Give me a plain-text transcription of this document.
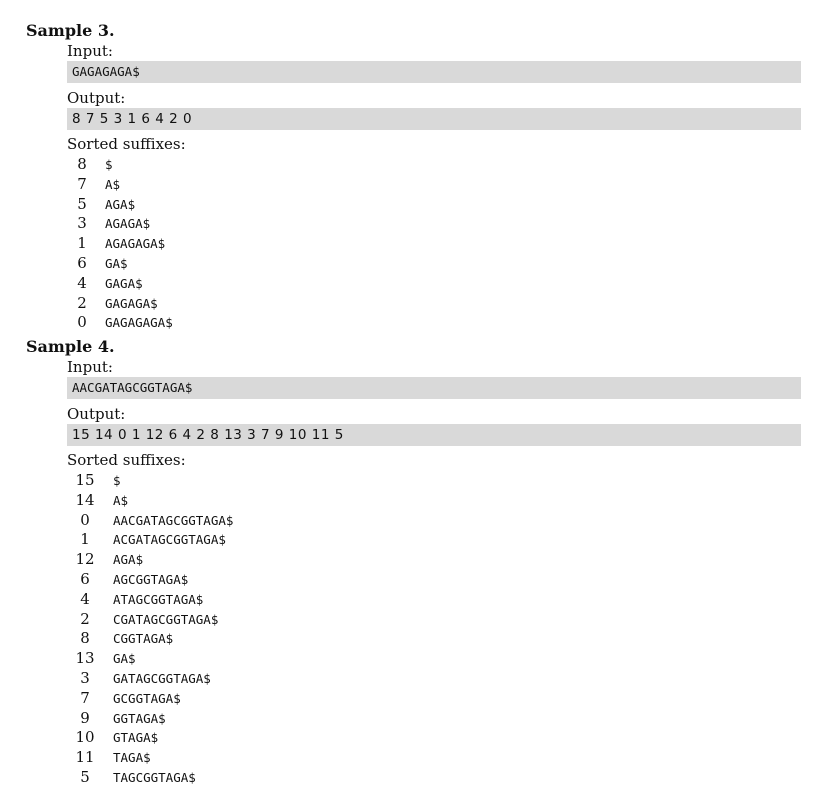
Sample 3.
Input:
GAGAGAGA$
Output:
8 7 5 3 1 6 4 2 0
Sorted suffixes:
8	$
7	A$
5	AGA$
3	AGAGA$
1	AGAGAGA$
6	GA$
4	GAGA$
2	GAGAGA$
0	GAGAGAGA$
Sample 4.
Input:
AACGATAGCGGTAGA$
Output:
15 14 0 1 12 6 4 2 8 13 3 7 9 10 11 5
Sorted suffixes:
15	$
14	A$
0	AACGATAGCGGTAGA$
1	ACGATAGCGGTAGA$
12	AGA$
6	AGCGGTAGA$
4	ATAGCGGTAGA$
2	CGATAGCGGTAGA$
8	CGGTAGA$
13	GA$
3	GATAGCGGTAGA$
7	GCGGTAGA$
9	GGTAGA$
10	GTAGA$
11	TAGA$
5	TAGCGGTAGA$
